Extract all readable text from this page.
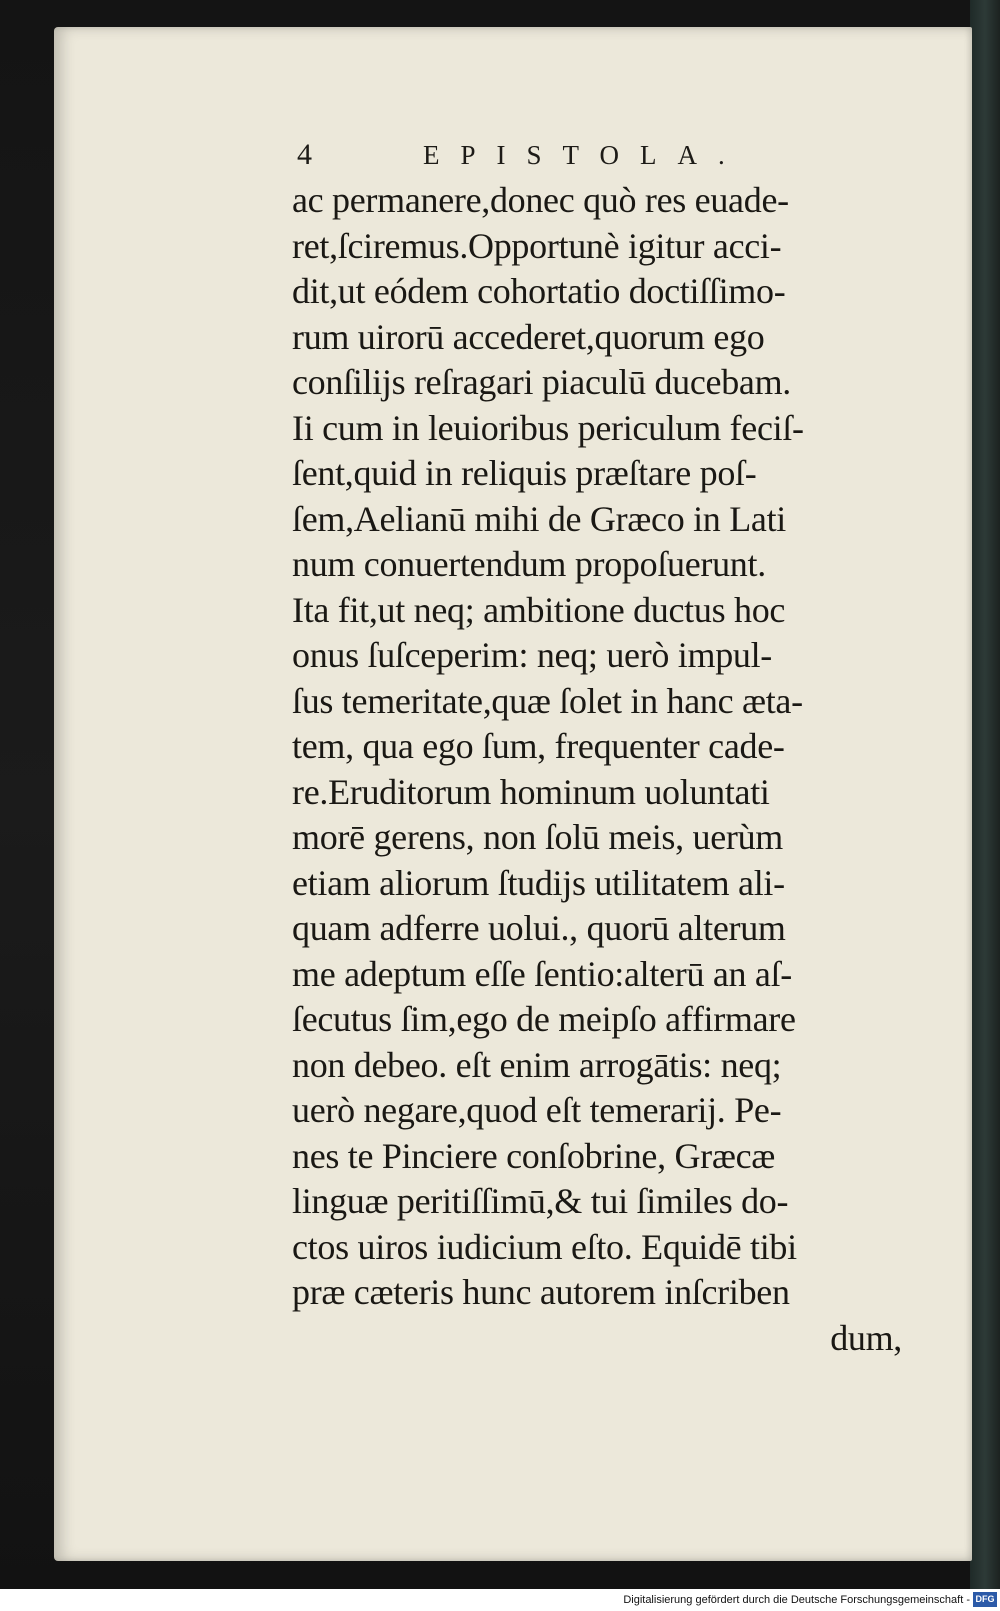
4	EPISTOLA.
ac permanere,donec quò res euade-
ret,ſciremus.Opportunè igitur acci-
dit,ut eódem cohortatio doctiſſimo-
rum uirorū accederet,quorum ego
conſilijs reſragari piaculū ducebam.
Ii cum in leuioribus periculum feciſ-
ſent,quid in reliquis præſtare poſ-
ſem,Aelianū mihi de Græco in Lati
num conuertendum propoſuerunt.
Ita fit,ut neq; ambitione ductus hoc
onus ſuſceperim: neq; uerò impul-
ſus temeritate,quæ ſolet in hanc æta-
tem, qua ego ſum, frequenter cade-
re.Eruditorum hominum uoluntati
morē gerens, non ſolū meis, uerùm
etiam aliorum ſtudijs utilitatem ali-
quam adferre uolui., quorū alterum
me adeptum eſſe ſentio:alterū an aſ-
ſecutus ſim,ego de meipſo affirmare
non debeo. eſt enim arrogātis: neq;
uerò negare,quod eſt temerarij. Pe-
nes te Pinciere conſobrine, Græcæ
linguæ peritiſſimū,& tui ſimiles do-
ctos uiros iudicium eſto. Equidē tibi
præ cæteris hunc autorem inſcriben
dum,
Digitalisierung gefördert durch die Deutsche Forschungsgemeinschaft - DFG
